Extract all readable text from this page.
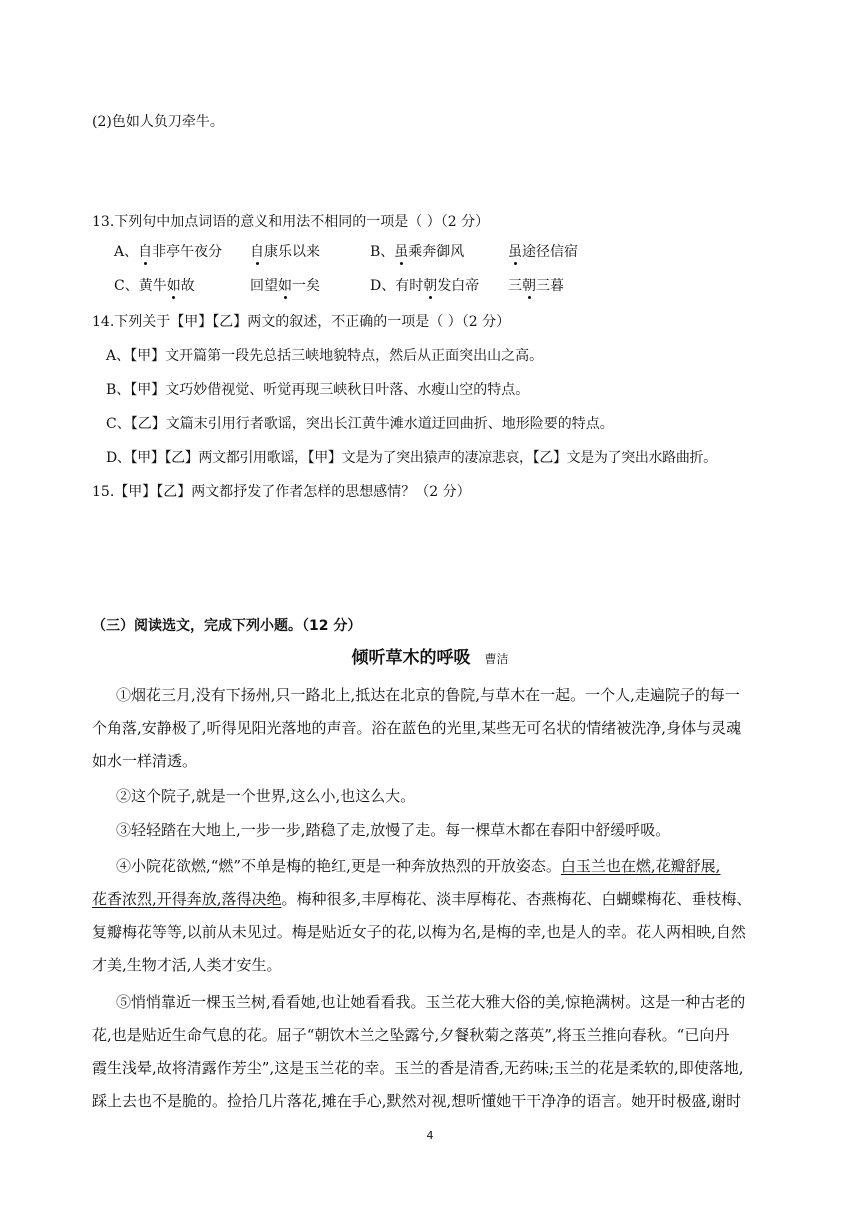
(2)色如人负刀牵牛。
13.下列句中加点词语的意义和用法不相同的一项是（ ）（2 分）
A、自非亭午夜分 自康乐以来	B、虽乘奔御风	虽途径信宿
C、黄牛如故	回望如一矣	D、有时朝发白帝 三朝三暮
14.下列关于【甲】【乙】两文的叙述，不正确的一项是（ ）（2 分）
A、【甲】文开篇第一段先总括三峡地貌特点，然后从正面突出山之高。
B、【甲】文巧妙借视觉、听觉再现三峡秋日叶落、水瘦山空的特点。
C、【乙】文篇末引用行者歌谣，突出长江黄牛滩水道迂回曲折、地形险要的特点。
D、【甲】【乙】两文都引用歌谣，【甲】文是为了突出猿声的凄凉悲哀，【乙】文是为了突出水路曲折。
15.【甲】【乙】两文都抒发了作者怎样的思想感情？（2 分）
（三）阅读选文，完成下列小题。（12 分）
倾听草木的呼吸 曹洁
①烟花三月,没有下扬州,只一路北上,抵达在北京的鲁院,与草木在一起。一个人,走遍院子的每一
个角落,安静极了,听得见阳光落地的声音。浴在蓝色的光里,某些无可名状的情绪被洗净,身体与灵魂
如水一样清透。
②这个院子,就是一个世界,这么小,也这么大。
③轻轻踏在大地上,一步一步,踏稳了走,放慢了走。每一棵草木都在春阳中舒缓呼吸。
④小院花欲燃,“燃”不单是梅的艳红,更是一种奔放热烈的开放姿态。白玉兰也在燃,花瓣舒展,
花香浓烈,开得奔放,落得决绝。梅种很多,丰厚梅花、淡丰厚梅花、杏燕梅花、白蝴蝶梅花、垂枝梅、
复瓣梅花等等,以前从未见过。梅是贴近女子的花,以梅为名,是梅的幸,也是人的幸。花人两相映,自然
才美,生物才活,人类才安生。
⑤悄悄靠近一棵玉兰树,看看她,也让她看看我。玉兰花大雅大俗的美,惊艳满树。这是一种古老的
花,也是贴近生命气息的花。屈子“朝饮木兰之坠露兮,夕餐秋菊之落英”,将玉兰推向春秋。“已向丹
霞生浅晕,故将清露作芳尘”,这是玉兰花的幸。玉兰的香是清香,无药味;玉兰的花是柔软的,即使落地,
踩上去也不是脆的。捡拾几片落花,摊在手心,默然对视,想听懂她干干净净的语言。她开时极盛,谢时
4
